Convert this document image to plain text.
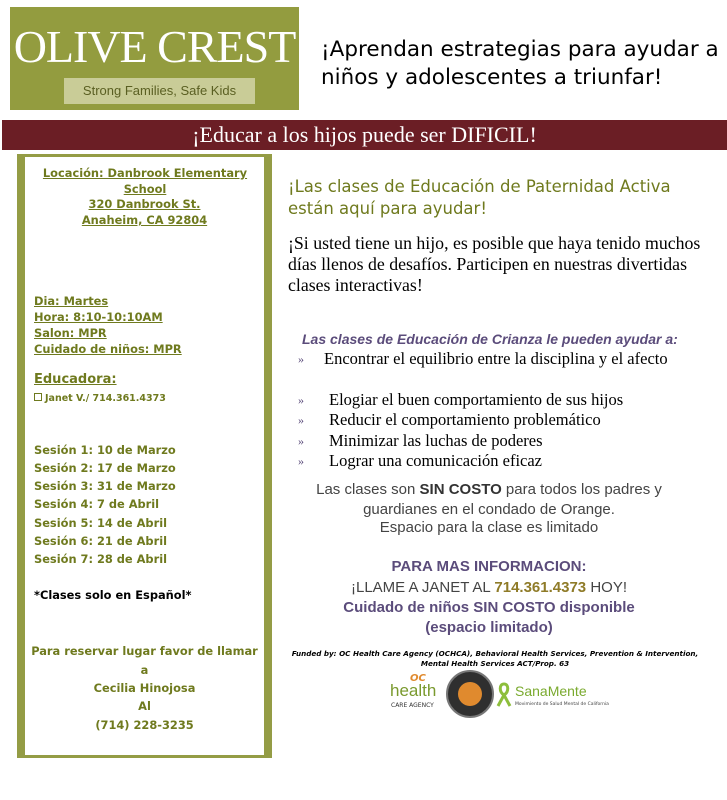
OLIVE CREST
Strong Families, Safe Kids
¡Aprendan estrategias para ayudar a niños y adolescentes a triunfar!
¡Educar a los hijos puede ser DIFICIL!
Locación: Danbrook Elementary School
320 Danbrook St.
Anaheim, CA 92804
Dia: Martes
Hora: 8:10-10:10AM
Salon: MPR
Cuidado de niños: MPR
Educadora:
Janet V./ 714.361.4373
Sesión 1: 10 de Marzo
Sesión 2: 17 de Marzo
Sesión 3: 31 de Marzo
Sesión 4: 7 de Abril
Sesión 5: 14 de Abril
Sesión 6: 21 de Abril
Sesión 7: 28 de Abril
*Clases solo en Español*
Para reservar lugar favor de llamar
a
Cecilia Hinojosa
Al
(714) 228-3235
¡Las clases de Educación de Paternidad Activa están aquí para ayudar!
¡Si usted tiene un hijo, es posible que haya tenido muchos días llenos de desafíos. Participen en nuestras divertidas clases interactivas!
Las clases de Educación de Crianza le pueden ayudar a:
» Encontrar el equilibrio entre la disciplina y el afecto
» Elogiar el buen comportamiento de sus hijos
» Reducir el comportamiento problemático
» Minimizar las luchas de poderes
» Lograr una comunicación eficaz
Las clases son SIN COSTO para todos los padres y guardianes en el condado de Orange.
Espacio para la clase es limitado
PARA MAS INFORMACION:
¡LLAME A JANET AL 714.361.4373 HOY!
Cuidado de niños SIN COSTO disponible
(espacio limitado)
Funded by: OC Health Care Agency (OCHCA), Behavioral Health Services, Prevention & Intervention,
Mental Health Services ACT/Prop. 63
OC
health
CARE AGENCY
SanaMente
Movimiento de Salud Mental de California
